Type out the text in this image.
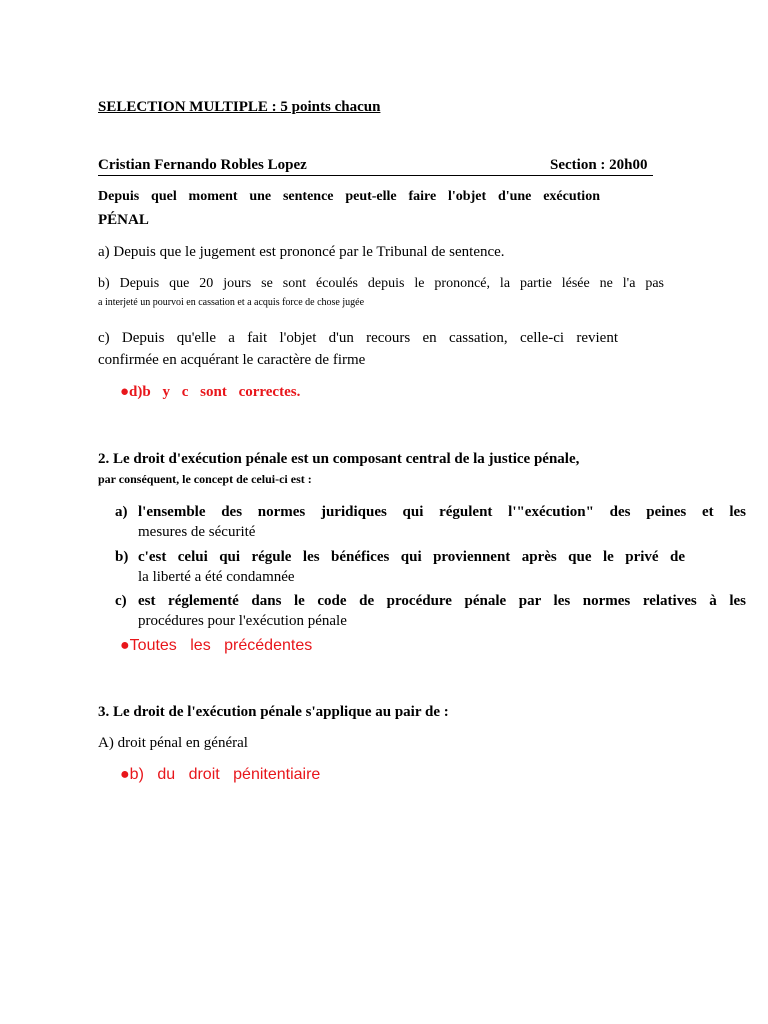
SELECTION MULTIPLE : 5 points chacun
Cristian Fernando Robles Lopez	Section : 20h00
Depuis quel moment une sentence peut-elle faire l'objet d'une exécution
PÉNAL
a) Depuis que le jugement est prononcé par le Tribunal de sentence.
b) Depuis que 20 jours se sont écoulés depuis le prononcé, la partie lésée ne l'a pas
a interjeté un pourvoi en cassation et a acquis force de chose jugée
c) Depuis qu'elle a fait l'objet d'un recours en cassation, celle-ci revient
confirmée en acquérant le caractère de firme
●d)b y c sont correctes.
2. Le droit d'exécution pénale est un composant central de la justice pénale,
par conséquent, le concept de celui-ci est :
a) l'ensemble des normes juridiques qui régulent l'"exécution" des peines et les
mesures de sécurité
b) c'est celui qui régule les bénéfices qui proviennent après que le privé de
la liberté a été condamnée
c) est réglementé dans le code de procédure pénale par les normes relatives à les
procédures pour l'exécution pénale
●Toutes les précédentes
3. Le droit de l'exécution pénale s'applique au pair de :
A) droit pénal en général
●b) du droit pénitentiaire
